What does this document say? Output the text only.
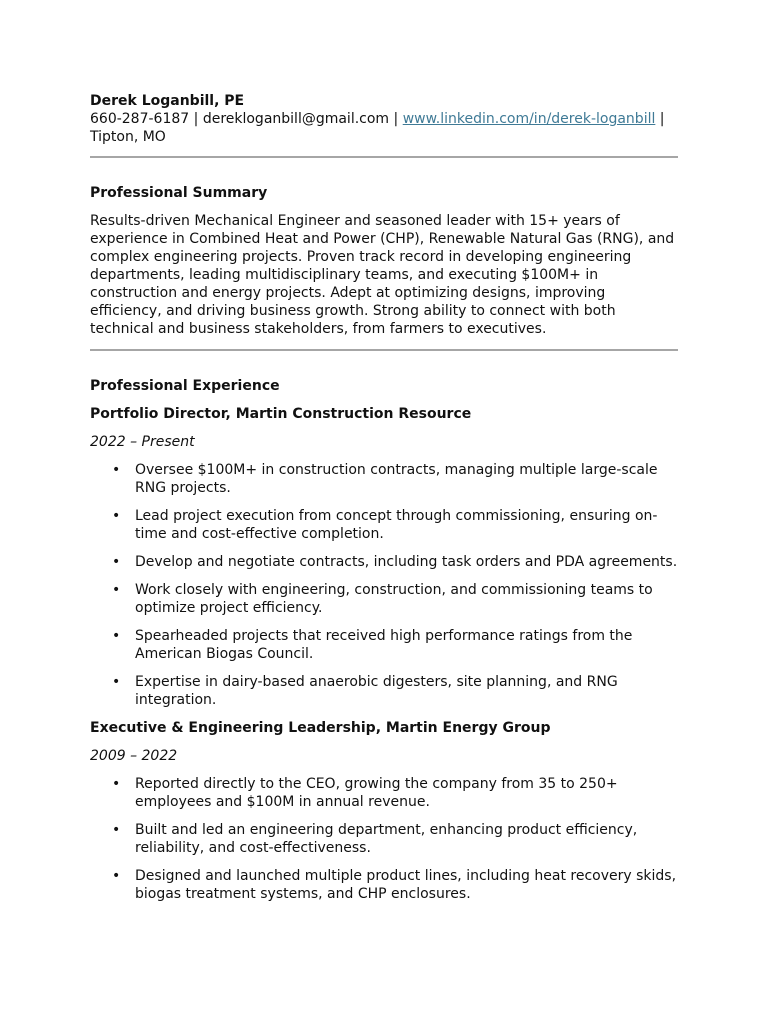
Derek Loganbill, PE
660-287-6187 | dereklоganbill@gmail.com | www.linkedin.com/in/derek-loganbill |
Tipton, MO
Professional Summary
Results-driven Mechanical Engineer and seasoned leader with 15+ years of experience in Combined Heat and Power (CHP), Renewable Natural Gas (RNG), and complex engineering projects. Proven track record in developing engineering departments, leading multidisciplinary teams, and executing $100M+ in construction and energy projects. Adept at optimizing designs, improving efficiency, and driving business growth. Strong ability to connect with both technical and business stakeholders, from farmers to executives.
Professional Experience
Portfolio Director, Martin Construction Resource
2022 – Present
• Oversee $100M+ in construction contracts, managing multiple large-scale RNG projects.
• Lead project execution from concept through commissioning, ensuring on-time and cost-effective completion.
• Develop and negotiate contracts, including task orders and PDA agreements.
• Work closely with engineering, construction, and commissioning teams to optimize project efficiency.
• Spearheaded projects that received high performance ratings from the American Biogas Council.
• Expertise in dairy-based anaerobic digesters, site planning, and RNG integration.
Executive & Engineering Leadership, Martin Energy Group
2009 – 2022
• Reported directly to the CEO, growing the company from 35 to 250+ employees and $100M in annual revenue.
• Built and led an engineering department, enhancing product efficiency, reliability, and cost-effectiveness.
• Designed and launched multiple product lines, including heat recovery skids, biogas treatment systems, and CHP enclosures.
